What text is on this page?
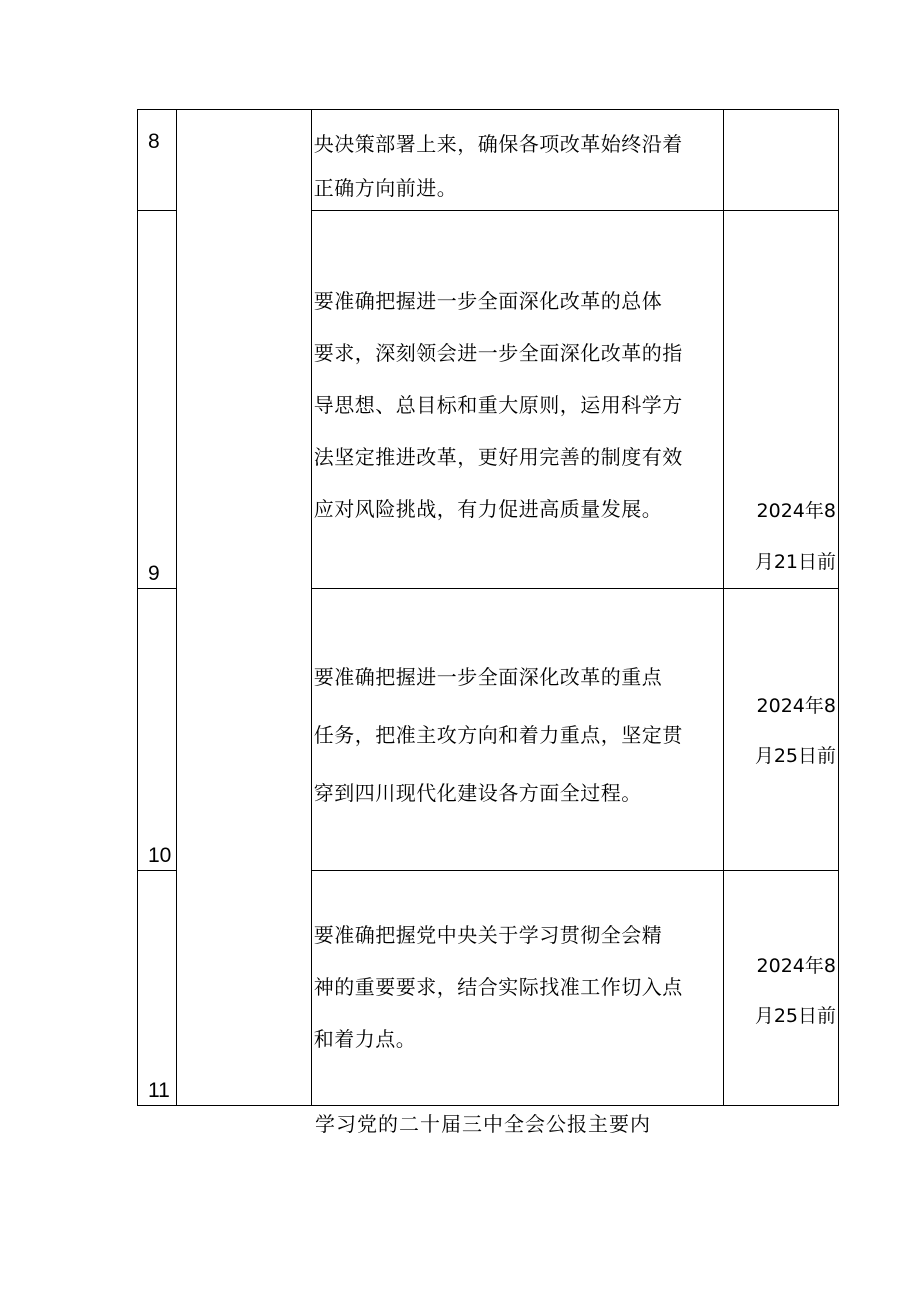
8		央决策部署上来，确保各项改革始终沿着
正确方向前进。	

9		要准确把握进一步全面深化改革的总体
要求，深刻领会进一步全面深化改革的指
导思想、总目标和重大原则，运用科学方
法坚定推进改革，更好用完善的制度有效
应对风险挑战，有力促进高质量发展。	2024年8
月21日前

10		要准确把握进一步全面深化改革的重点
任务，把准主攻方向和着力重点，坚定贯
穿到四川现代化建设各方面全过程。	2024年8
月25日前

11		要准确把握党中央关于学习贯彻全会精
神的重要要求，结合实际找准工作切入点
和着力点。	2024年8
月25日前
学习党的二十届三中全会公报主要内
